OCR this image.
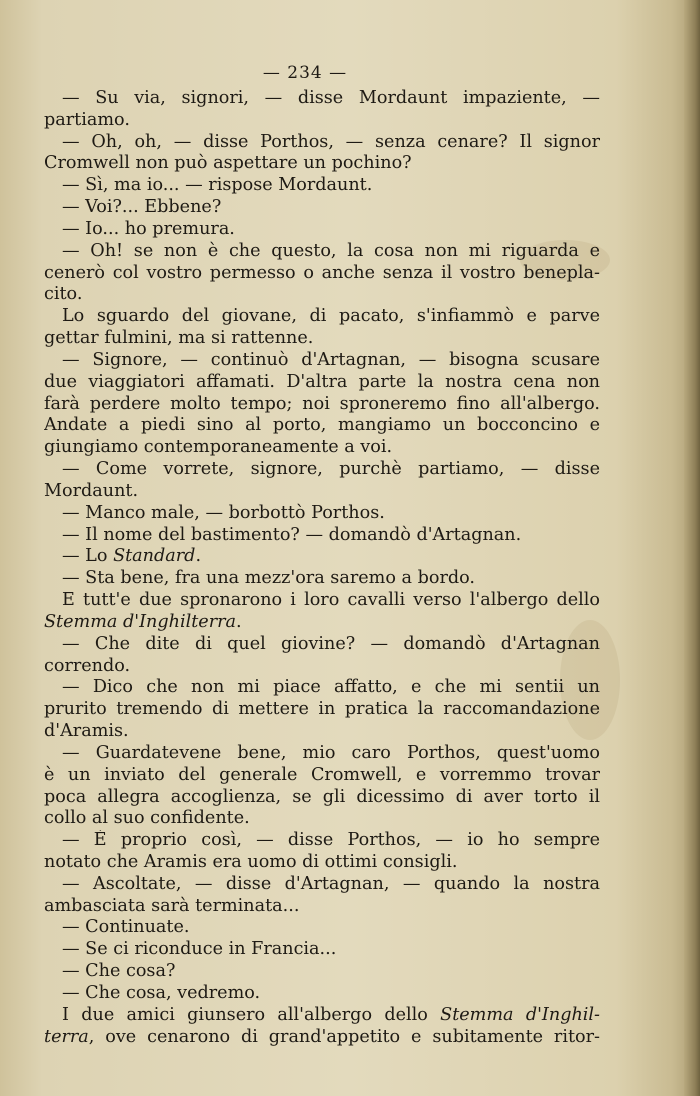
— 234 —
— Su via, signori, — disse Mordaunt impaziente, —
partiamo.
— Oh, oh, — disse Porthos, — senza cenare? Il signor
Cromwell non può aspettare un pochino?
— Sì, ma io... — rispose Mordaunt.
— Voi?... Ebbene?
— Io... ho premura.
— Oh! se non è che questo, la cosa non mi riguarda e
cenerò col vostro permesso o anche senza il vostro benepla-
cito.
Lo sguardo del giovane, di pacato, s'infiammò e parve
gettar fulmini, ma si rattenne.
— Signore, — continuò d'Artagnan, — bisogna scusare
due viaggiatori affamati. D'altra parte la nostra cena non
farà perdere molto tempo; noi sproneremo fino all'albergo.
Andate a piedi sino al porto, mangiamo un bocconcino e
giungiamo contemporaneamente a voi.
— Come vorrete, signore, purchè partiamo, — disse
Mordaunt.
— Manco male, — borbottò Porthos.
— Il nome del bastimento? — domandò d'Artagnan.
— Lo Standard.
— Sta bene, fra una mezz'ora saremo a bordo.
E tutt'e due spronarono i loro cavalli verso l'albergo dello
Stemma d'Inghilterra.
— Che dite di quel giovine? — domandò d'Artagnan
correndo.
— Dico che non mi piace affatto, e che mi sentii un
prurito tremendo di mettere in pratica la raccomandazione
d'Aramis.
— Guardatevene bene, mio caro Porthos, quest'uomo
è un inviato del generale Cromwell, e vorremmo trovar
poca allegra accoglienza, se gli dicessimo di aver torto il
collo al suo confidente.
— È proprio così, — disse Porthos, — io ho sempre
notato che Aramis era uomo di ottimi consigli.
— Ascoltate, — disse d'Artagnan, — quando la nostra
ambasciata sarà terminata...
— Continuate.
— Se ci riconduce in Francia...
— Che cosa?
— Che cosa, vedremo.
I due amici giunsero all'albergo dello Stemma d'Inghil-
terra, ove cenarono di grand'appetito e subitamente ritor-
